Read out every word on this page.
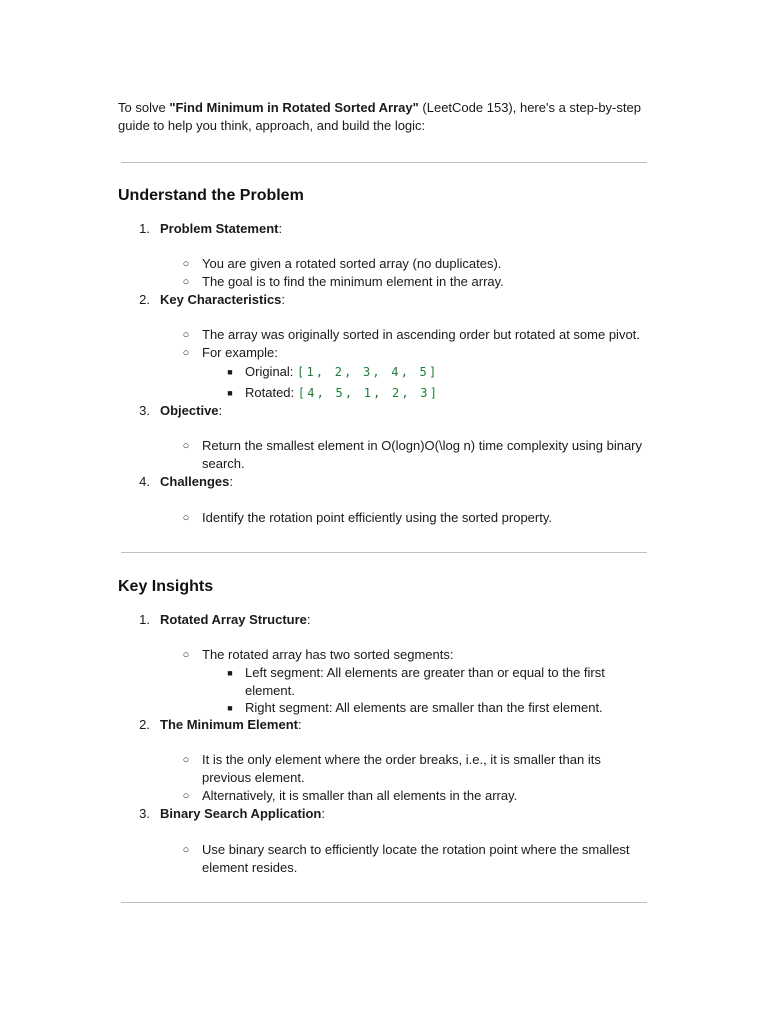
To solve "Find Minimum in Rotated Sorted Array" (LeetCode 153), here's a step-by-step
guide to help you think, approach, and build the logic:
Understand the Problem
1. Problem Statement:
○ You are given a rotated sorted array (no duplicates).
○ The goal is to find the minimum element in the array.
2. Key Characteristics:
○ The array was originally sorted in ascending order but rotated at some pivot.
○ For example:
■ Original: [1, 2, 3, 4, 5]
■ Rotated: [4, 5, 1, 2, 3]
3. Objective:
○ Return the smallest element in O(logn)O(\log n) time complexity using binary
search.
4. Challenges:
○ Identify the rotation point efficiently using the sorted property.
Key Insights
1. Rotated Array Structure:
○ The rotated array has two sorted segments:
■ Left segment: All elements are greater than or equal to the first
element.
■ Right segment: All elements are smaller than the first element.
2. The Minimum Element:
○ It is the only element where the order breaks, i.e., it is smaller than its
previous element.
○ Alternatively, it is smaller than all elements in the array.
3. Binary Search Application:
○ Use binary search to efficiently locate the rotation point where the smallest
element resides.
